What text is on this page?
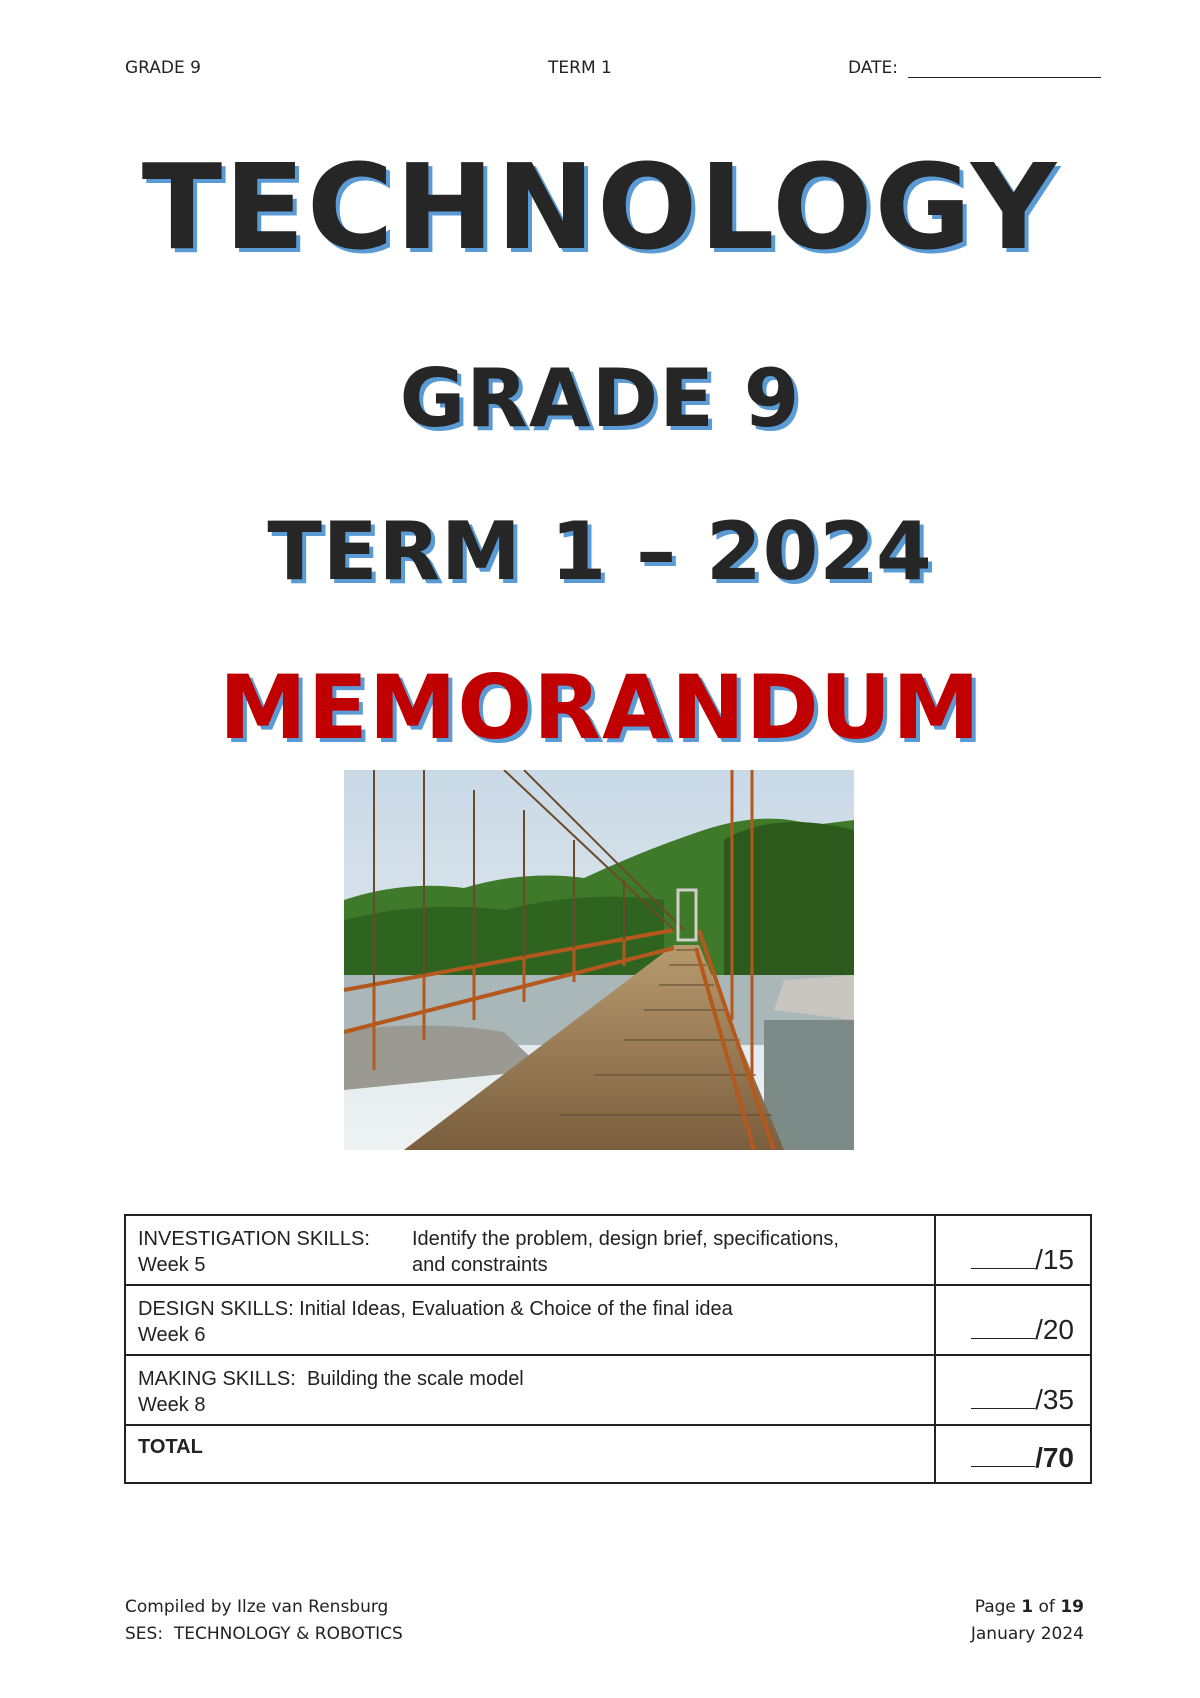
GRADE 9	TERM 1	DATE:
TECHNOLOGY
GRADE 9
TERM 1 – 2024
MEMORANDUM
INVESTIGATION SKILLS:
Week 5
Identify the problem, design brief, specifications,
and constraints	/15

DESIGN SKILLS: Initial Ideas, Evaluation & Choice of the final idea
Week 6	/20

MAKING SKILLS:  Building the scale model
Week 8	/35
TOTAL	/70
Compiled by Ilze van Rensburg
SES:  TECHNOLOGY & ROBOTICS
Page 1 of 19
January 2024
